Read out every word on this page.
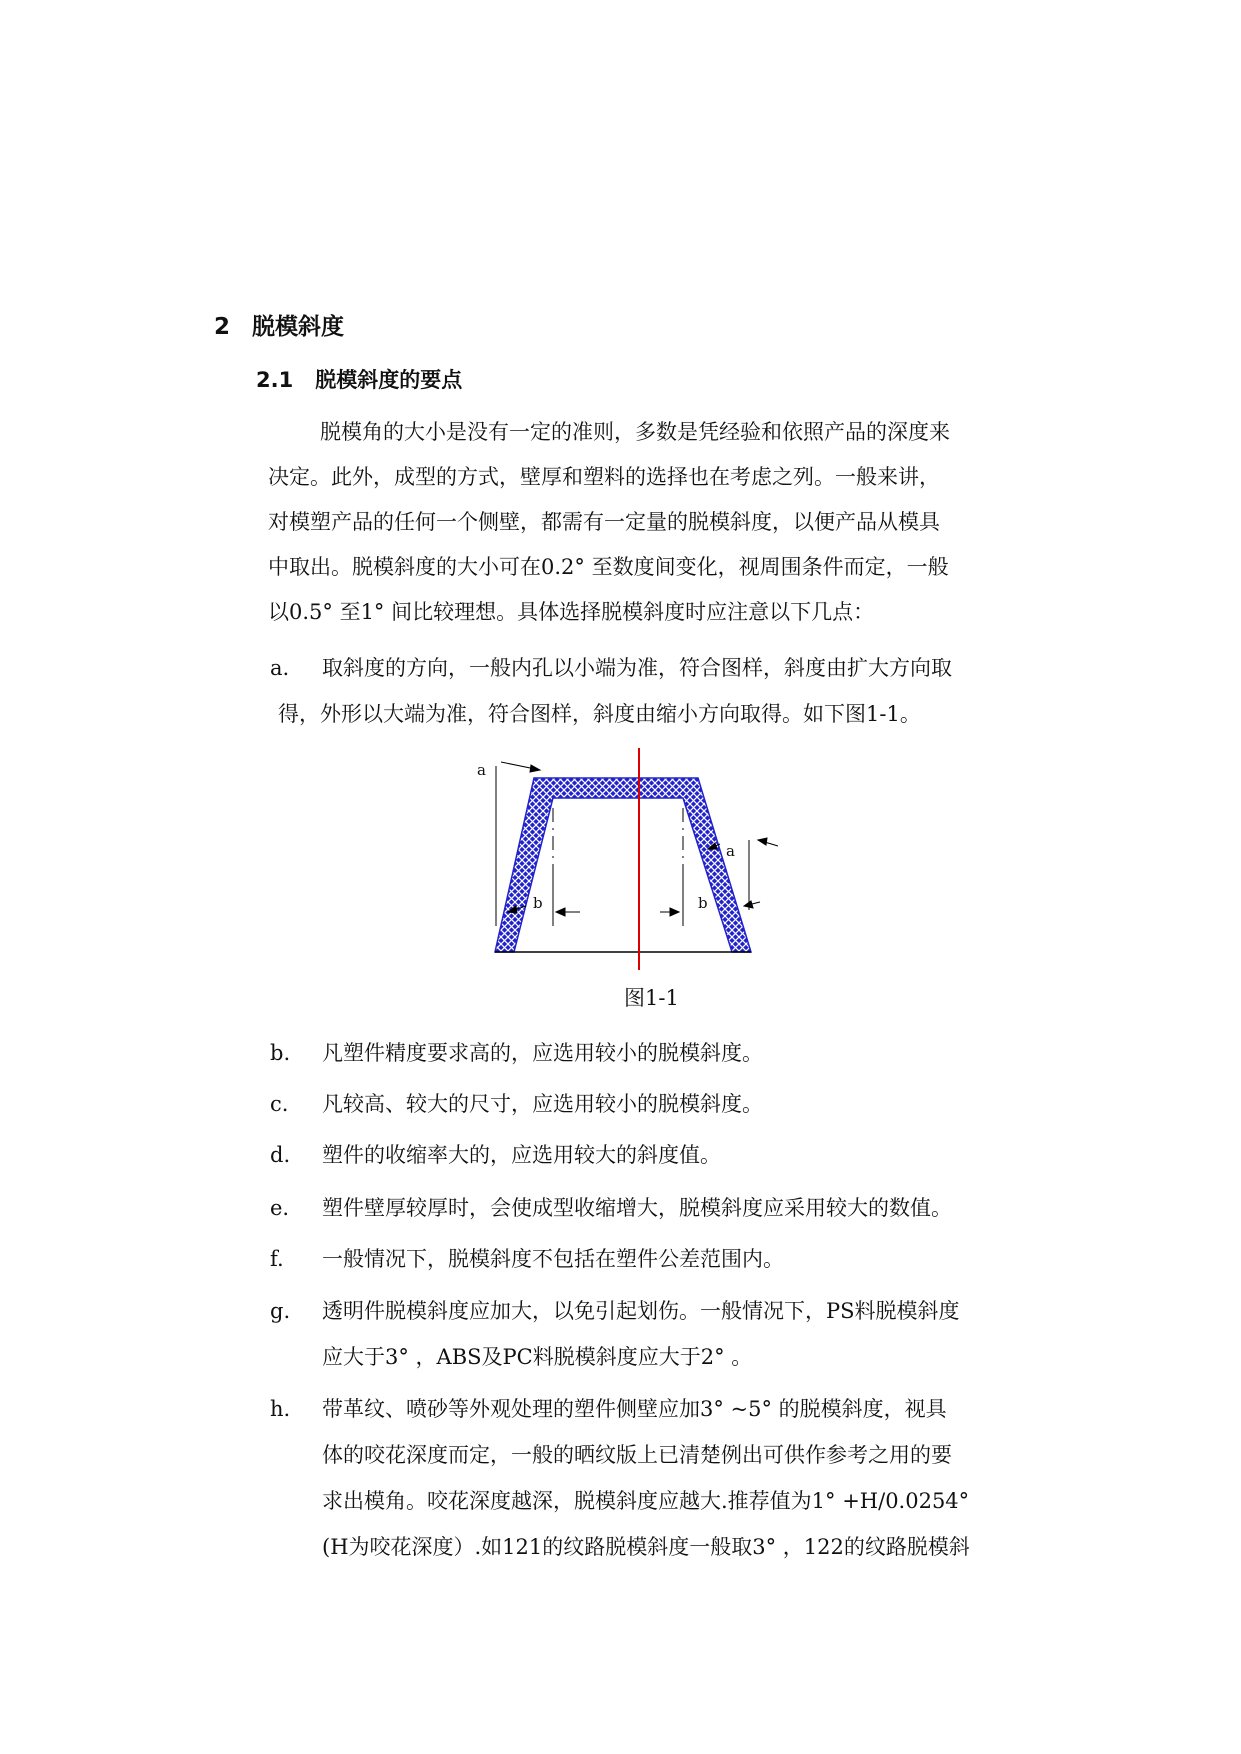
2 脱模斜度
2.1 脱模斜度的要点
脱模角的大小是没有一定的准则，多数是凭经验和依照产品的深度来
决定。此外，成型的方式，壁厚和塑料的选择也在考虑之列。一般来讲，
对模塑产品的任何一个侧壁，都需有一定量的脱模斜度，以便产品从模具
中取出。脱模斜度的大小可在0.2° 至数度间变化，视周围条件而定，一般
以0.5° 至1° 间比较理想。具体选择脱模斜度时应注意以下几点：
a.	取斜度的方向，一般内孔以小端为准，符合图样，斜度由扩大方向取
得，外形以大端为准，符合图样，斜度由缩小方向取得。如下图1-1。
a
a
b	b
图1-1
b.	凡塑件精度要求高的，应选用较小的脱模斜度。
c.	凡较高、较大的尺寸，应选用较小的脱模斜度。
d.	塑件的收缩率大的，应选用较大的斜度值。
e.	塑件壁厚较厚时，会使成型收缩增大，脱模斜度应采用较大的数值。
f.	一般情况下，脱模斜度不包括在塑件公差范围内。
g.	透明件脱模斜度应加大，以免引起划伤。一般情况下，PS料脱模斜度
应大于3° ，ABS及PC料脱模斜度应大于2° 。
h.	带革纹、喷砂等外观处理的塑件侧壁应加3° ~5° 的脱模斜度，视具
体的咬花深度而定，一般的晒纹版上已清楚例出可供作参考之用的要
求出模角。咬花深度越深，脱模斜度应越大.推荐值为1° +H/0.0254°
(H为咬花深度）.如121的纹路脱模斜度一般取3° ，122的纹路脱模斜
